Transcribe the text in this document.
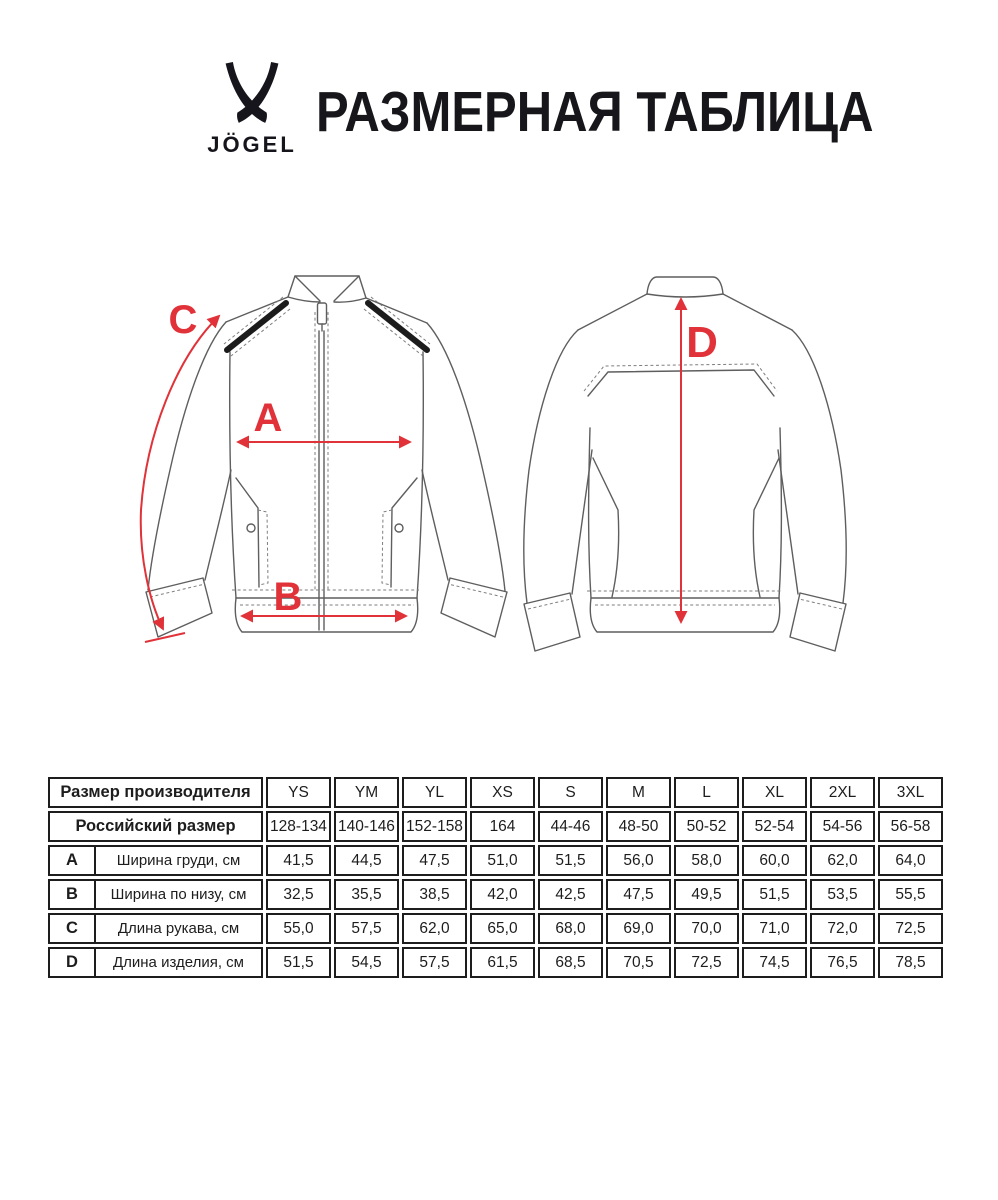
JÖGEL
РАЗМЕРНАЯ ТАБЛИЦА
A
B
C	D
Размер производителя	YS	YM	YL	XS	S	M	L	XL	2XL	3XL
Российский размер	128-134	140-146	152-158	164	44-46	48-50	50-52	52-54	54-56	56-58

A Ширина груди, см	41,5	44,5	47,5	51,0	51,5	56,0	58,0	60,0	62,0	64,0

B Ширина по низу, см	32,5	35,5	38,5	42,0	42,5	47,5	49,5	51,5	53,5	55,5

C Длина рукава, см	55,0	57,5	62,0	65,0	68,0	69,0	70,0	71,0	72,0	72,5

D Длина изделия, см	51,5	54,5	57,5	61,5	68,5	70,5	72,5	74,5	76,5	78,5
